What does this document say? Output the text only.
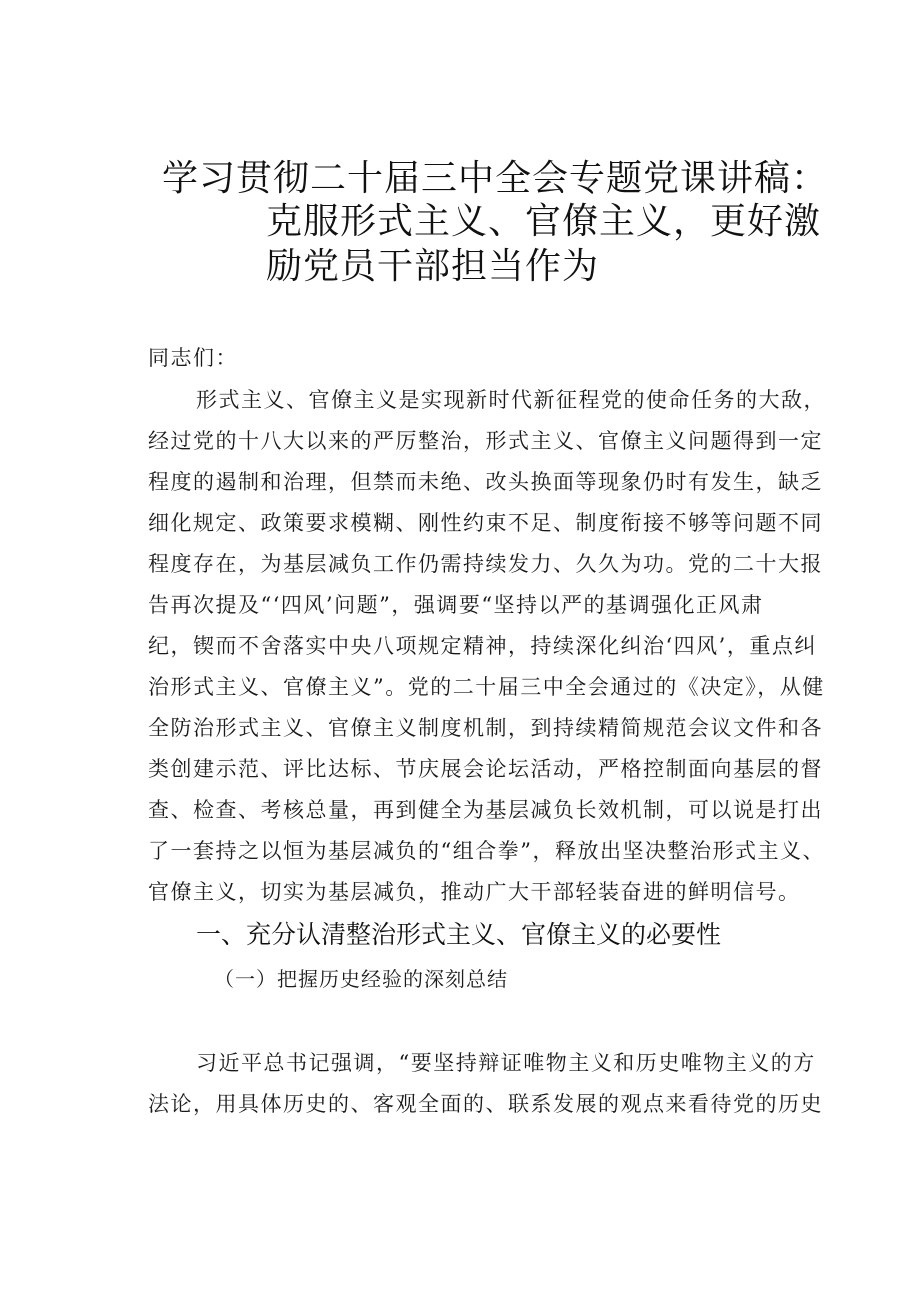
学习贯彻二十届三中全会专题党课讲稿：
克服形式主义、官僚主义，更好激
励党员干部担当作为
同志们：
形式主义、官僚主义是实现新时代新征程党的使命任务的大敌，
经过党的十八大以来的严厉整治，形式主义、官僚主义问题得到一定
程度的遏制和治理，但禁而未绝、改头换面等现象仍时有发生，缺乏
细化规定、政策要求模糊、刚性约束不足、制度衔接不够等问题不同
程度存在，为基层减负工作仍需持续发力、久久为功。党的二十大报
告再次提及“‘四风’问题”，强调要“坚持以严的基调强化正风肃
纪，锲而不舍落实中央八项规定精神，持续深化纠治‘四风’，重点纠
治形式主义、官僚主义”。党的二十届三中全会通过的《决定》，从健
全防治形式主义、官僚主义制度机制，到持续精简规范会议文件和各
类创建示范、评比达标、节庆展会论坛活动，严格控制面向基层的督
查、检查、考核总量，再到健全为基层减负长效机制，可以说是打出
了一套持之以恒为基层减负的“组合拳”，释放出坚决整治形式主义、
官僚主义，切实为基层减负，推动广大干部轻装奋进的鲜明信号。
一、充分认清整治形式主义、官僚主义的必要性
（一）把握历史经验的深刻总结
习近平总书记强调，“要坚持辩证唯物主义和历史唯物主义的方
法论，用具体历史的、客观全面的、联系发展的观点来看待党的历史
